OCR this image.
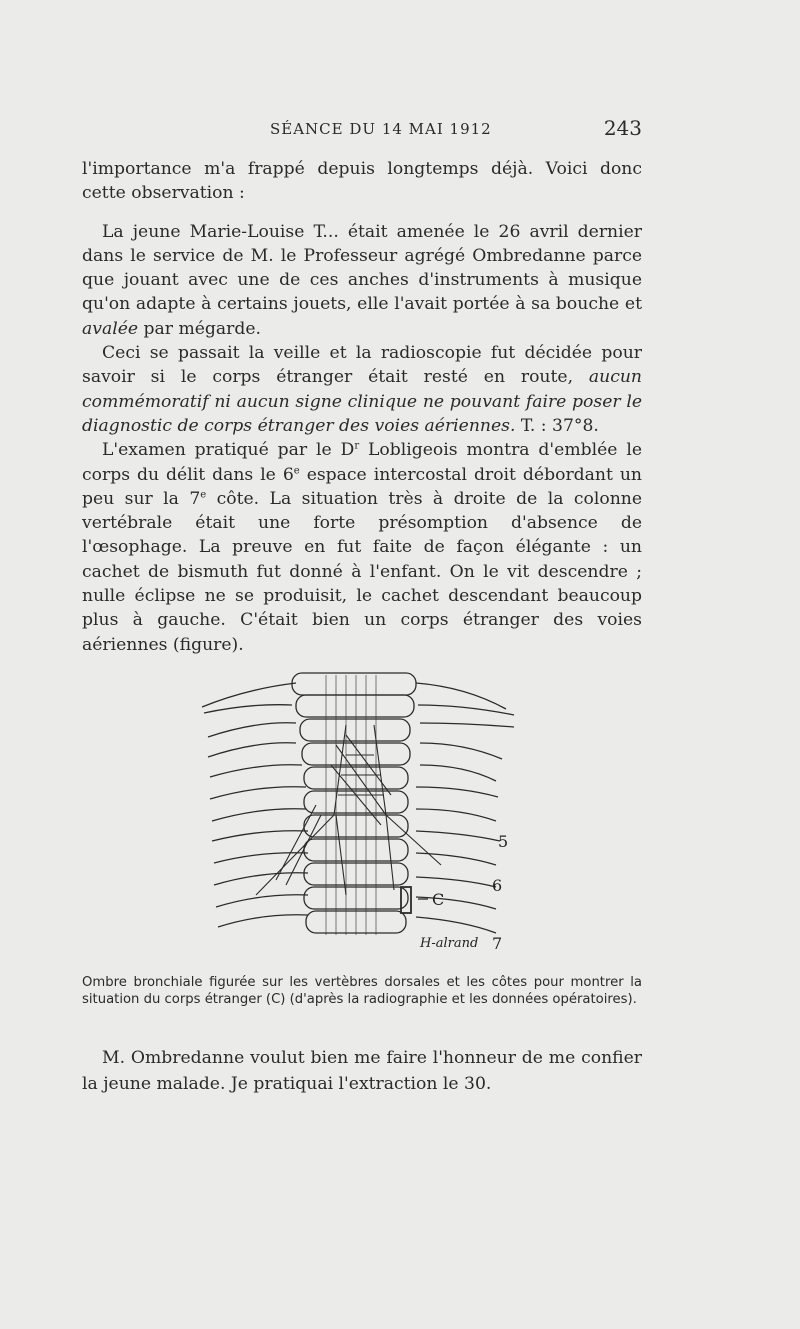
SÉANCE DU 14 MAI 1912	243

l'importance m'a frappé depuis longtemps déjà. Voici donc cette observation :

La jeune Marie-Louise T... était amenée le 26 avril dernier dans le service de M. le Professeur agrégé Ombredanne parce que jouant avec une de ces anches d'instruments à musique qu'on adapte à certains jouets, elle l'avait portée à sa bouche et avalée par mégarde.

Ceci se passait la veille et la radioscopie fut décidée pour savoir si le corps étranger était resté en route, aucun commémoratif ni aucun signe clinique ne pouvant faire poser le diagnostic de corps étranger des voies aériennes. T. : 37°8.

L'examen pratiqué par le $D^r$ Lobligeois montra d'emblée le corps du délit dans le 6e espace intercostal droit débordant un peu sur la 7e côte. La situation très à droite de la colonne vertébrale était une forte présomption d'absence de l'œsophage. La preuve en fut faite de façon élégante : un cachet de bismuth fut donné à l'enfant. On le vit descendre ; nulle éclipse ne se produisit, le cachet descendant beaucoup plus à gauche. C'était bien un corps étranger des voies aériennes (figure).

C
5
6
7
H-alrand
Ombre bronchiale figurée sur les vertèbres dorsales et les côtes pour montrer la situation du corps étranger (C) (d'après la radiographie et les données opératoires).

M. Ombredanne voulut bien me faire l'honneur de me confier la jeune malade. Je pratiquai l'extraction le 30.
